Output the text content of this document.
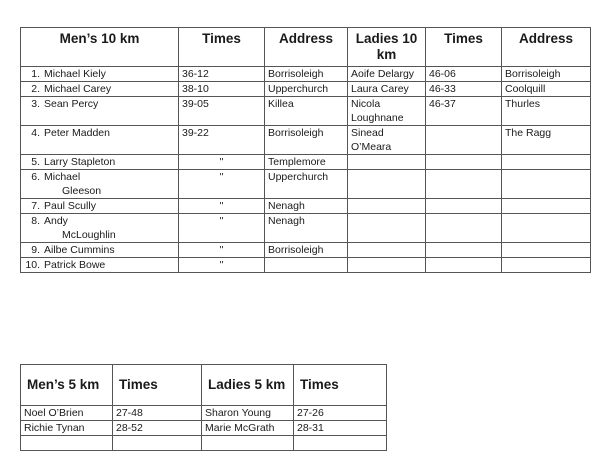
Men’s 10 km	Times	Address	Ladies 10 km	Times	Address
1. Michael Kiely	36-12	Borrisoleigh	Aoife Delargy	46-06	Borrisoleigh
2. Michael Carey	38-10	Upperchurch	Laura Carey	46-33	Coolquill
3. Sean Percy	39-05	Killea	Nicola Loughnane	46-37	Thurles
4. Peter Madden	39-22	Borrisoleigh	Sinead O’Meara		The Ragg
5. Larry Stapleton	"	Templemore			
6. Michael
Gleeson	"	Upperchurch			
7. Paul Scully	"	Nenagh			
8. Andy
McLoughlin	"	Nenagh			
9. Ailbe Cummins	"	Borrisoleigh			
10. Patrick Bowe	"				
Men’s 5 km	Times	Ladies 5 km	Times
Noel O’Brien	27-48	Sharon Young	27-26
Richie Tynan	28-52	Marie McGrath	28-31
